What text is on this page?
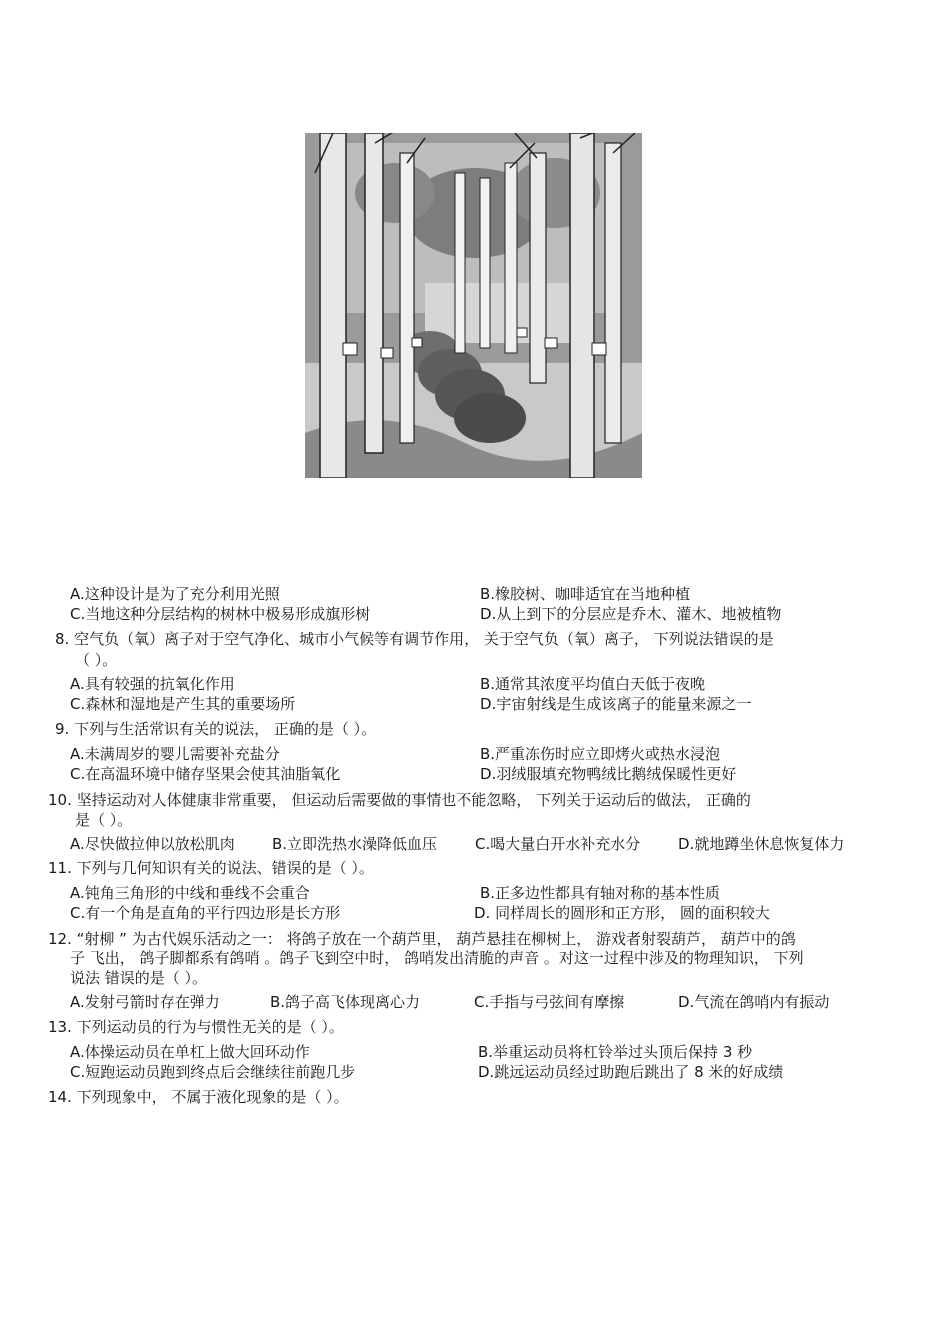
A.这种设计是为了充分利用光照	B.橡胶树、咖啡适宜在当地种植
C.当地这种分层结构的树林中极易形成旗形树	D.从上到下的分层应是乔木、灌木、地被植物
8. 空气负（氧）离子对于空气净化、城市小气候等有调节作用， 关于空气负（氧）离子， 下列说法错误的是
（ ）。
A.具有较强的抗氧化作用	B.通常其浓度平均值白天低于夜晚
C.森林和湿地是产生其的重要场所	D.宇宙射线是生成该离子的能量来源之一
9. 下列与生活常识有关的说法， 正确的是（ ）。
A.未满周岁的婴儿需要补充盐分	B.严重冻伤时应立即烤火或热水浸泡
C.在高温环境中储存坚果会使其油脂氧化	D.羽绒服填充物鸭绒比鹅绒保暖性更好
10. 坚持运动对人体健康非常重要， 但运动后需要做的事情也不能忽略， 下列关于运动后的做法， 正确的
是（ ）。
A.尽快做拉伸以放松肌肉 B.立即洗热水澡降低血压	C.喝大量白开水补充水分	D.就地蹲坐休息恢复体力
11. 下列与几何知识有关的说法、错误的是（ ）。
A.钝角三角形的中线和垂线不会重合	B.正多边性都具有轴对称的基本性质
C.有一个角是直角的平行四边形是长方形	D. 同样周长的圆形和正方形， 圆的面积较大
12. “射柳 ” 为古代娱乐活动之一： 将鸽子放在一个葫芦里， 葫芦悬挂在柳树上， 游戏者射裂葫芦， 葫芦中的鸽
子 飞出， 鸽子脚都系有鸽哨 。鸽子飞到空中时， 鸽哨发出清脆的声音 。对这一过程中涉及的物理知识， 下列
说法 错误的是（ ）。
A.发射弓箭时存在弹力	B.鸽子高飞体现离心力	C.手指与弓弦间有摩擦	D.气流在鸽哨内有振动
13. 下列运动员的行为与惯性无关的是（ ）。
A.体操运动员在单杠上做大回环动作	B.举重运动员将杠铃举过头顶后保持 3 秒
C.短跑运动员跑到终点后会继续往前跑几步	D.跳远运动员经过助跑后跳出了 8 米的好成绩
14. 下列现象中， 不属于液化现象的是（ ）。
